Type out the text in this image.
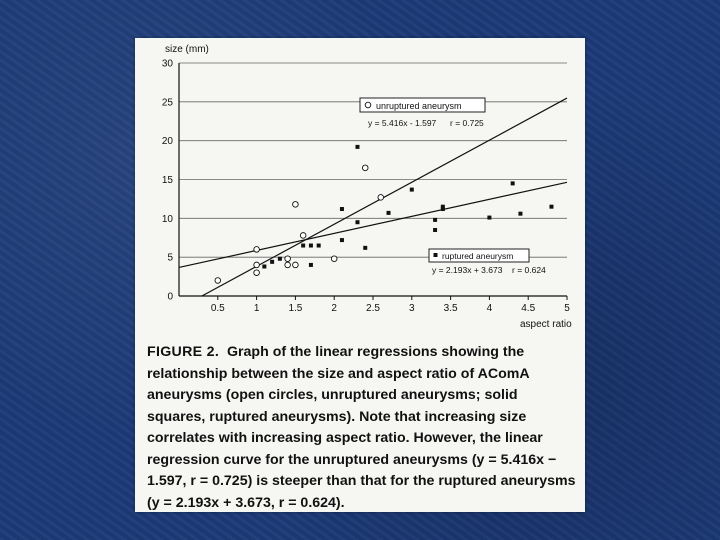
0
5
10
15
20
25
30
0.5	1	1.5	2	2.5	3	3.5	4	4.5	5
size (mm)
aspect ratio
unruptured aneurysm
y = 5.416x - 1.597 r = 0.725
ruptured aneurysm
y = 2.193x + 3.673 r = 0.624
FIGURE 2. Graph of the linear regressions showing the relationship between the size and aspect ratio of AComA aneurysms (open circles, unruptured aneurysms; solid squares, ruptured aneurysms). Note that increasing size correlates with increasing aspect ratio. However, the linear regression curve for the unruptured aneurysms (y = 5.416x − 1.597, r = 0.725) is steeper than that for the ruptured aneurysms (y = 2.193x + 3.673, r = 0.624).
